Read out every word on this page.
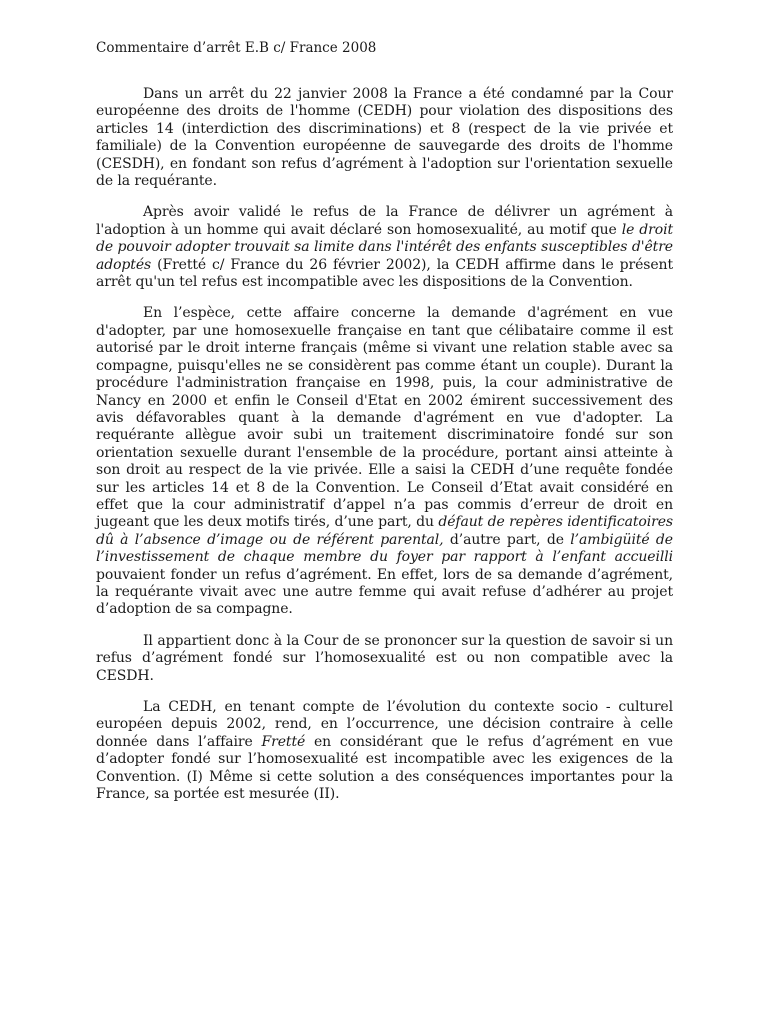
Commentaire d’arrêt E.B c/ France 2008

Dans un arrêt du 22 janvier 2008 la France a été condamné par la Cour européenne des droits de l'homme (CEDH) pour violation des dispositions des articles 14 (interdiction des discriminations) et 8 (respect de la vie privée et familiale) de la Convention européenne de sauvegarde des droits de l'homme (CESDH), en fondant son refus d’agrément à l'adoption sur l'orientation sexuelle de la requérante.

Après avoir validé le refus de la France de délivrer un agrément à l'adoption à un homme qui avait déclaré son homosexualité, au motif que le droit de pouvoir adopter trouvait sa limite dans l'intérêt des enfants susceptibles d'être adoptés (Fretté c/ France du 26 février 2002), la CEDH affirme dans le présent arrêt qu'un tel refus est incompatible avec les dispositions de la Convention.

En l’espèce, cette affaire concerne la demande d'agrément en vue d'adopter, par une homosexuelle française en tant que célibataire comme il est autorisé par le droit interne français (même si vivant une relation stable avec sa compagne, puisqu'elles ne se considèrent pas comme étant un couple). Durant la procédure l'administration française en 1998, puis, la cour administrative de Nancy en 2000 et enfin le Conseil d'Etat en 2002 émirent successivement des avis défavorables quant à la demande d'agrément en vue d'adopter. La requérante allègue avoir subi un traitement discriminatoire fondé sur son orientation sexuelle durant l'ensemble de la procédure, portant ainsi atteinte à son droit au respect de la vie privée. Elle a saisi la CEDH d’une requête fondée sur les articles 14 et 8 de la Convention. Le Conseil d’Etat avait considéré en effet que la cour administratif d’appel n’a pas commis d’erreur de droit en jugeant que les deux motifs tirés, d’une part, du défaut de repères identificatoires dû à l’absence d’image ou de référent parental, d’autre part, de l’ambigüité de l’investissement de chaque membre du foyer par rapport à l’enfant accueilli pouvaient fonder un refus d’agrément. En effet, lors de sa demande d’agrément, la requérante vivait avec une autre femme qui avait refuse d’adhérer au projet d’adoption de sa compagne.

Il appartient donc à la Cour de se prononcer sur la question de savoir si un refus d’agrément fondé sur l’homosexualité est ou non compatible avec la CESDH.

La CEDH, en tenant compte de l’évolution du contexte socio - culturel européen depuis 2002, rend, en l’occurrence, une décision contraire à celle donnée dans l’affaire Fretté en considérant que le refus d’agrément en vue d’adopter fondé sur l’homosexualité est incompatible avec les exigences de la Convention. (I) Même si cette solution a des conséquences importantes pour la France, sa portée est mesurée (II).
